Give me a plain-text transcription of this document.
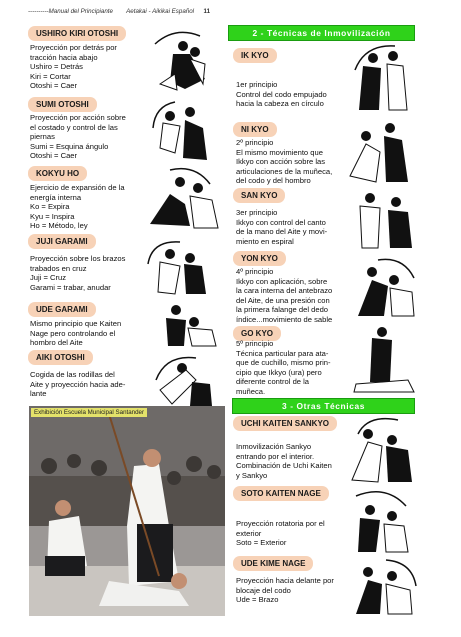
----------Manual del Principiante Aetakai - Aikikai Español 11
USHIRO KIRI OTOSHI
Proyección por detrás por
tracción hacia abajo
Ushiro = Detrás
Kiri = Cortar
Otoshi = Caer
SUMI OTOSHI
Proyección por acción sobre
el costado y control de las
piernas
Sumi = Esquina ángulo
Otoshi = Caer
KOKYU HO
Ejercicio de expansión de la
energía interna
Ko = Expira
Kyu = Inspira
Ho = Método, ley
JUJI GARAMI
Proyección sobre los brazos
trabados en cruz
Juji = Cruz
Garami = trabar, anudar
UDE GARAMI
Mismo principio que Kaiten
Nage pero controlando el
hombro del Aite
AIKI OTOSHI
Cogida de las rodillas del
Aite y proyección hacia ade-
lante
Exhibición Escuela Municipal Santander
2 - Técnicas de Inmovilización
IK KYO
1er principio
Control del codo empujado
hacia la cabeza en círculo
NI KYO
2º principio
El mismo movimiento que
Ikkyo con acción sobre las
articulaciones de la muñeca,
del codo y del hombro
SAN KYO
3er principio
Ikkyo con control del canto
de la mano del Aite y movi-
miento en espiral
YON KYO
4º principio
Ikkyo con aplicación, sobre
la cara interna del antebrazo
del Aite, de una presión con
la primera falange del dedo
índice...movimiento de sable
GO KYO
5º principio
Técnica particular para ata-
que de cuchillo, mismo prin-
cipio que Ikkyo (ura) pero
diferente control de la
muñeca.
3 - Otras Técnicas
UCHI KAITEN SANKYO
Inmovilización Sankyo
entrando por el interior.
Combinación de Uchi Kaiten
y Sankyo
SOTO KAITEN NAGE
Proyección rotatoria por el
exterior
Soto = Exterior
UDE KIME NAGE
Proyección hacia delante por
blocaje del codo
Ude = Brazo
